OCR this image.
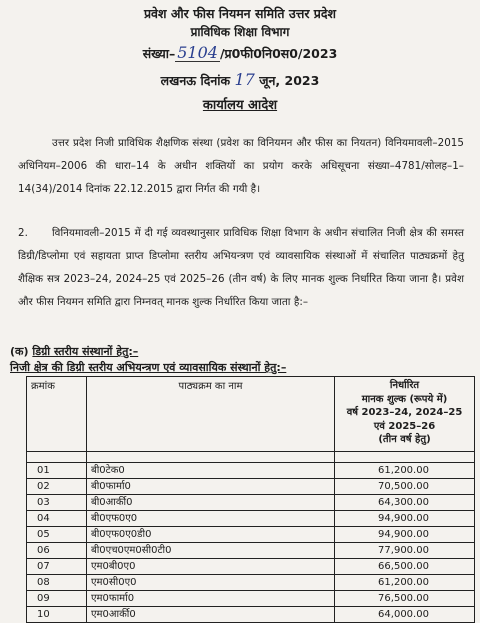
प्रवेश और फीस नियमन समिति उत्तर प्रदेश
प्राविधिक शिक्षा विभाग
संख्या– 5104 /प्र0फी0नि0स0/2023
लखनऊ दिनांक 17 जून, 2023
कार्यालय आदेश
उत्तर प्रदेश निजी प्राविधिक शैक्षणिक संस्था (प्रवेश का विनियमन और फीस का नियतन) विनियमावली–2015 अधिनियम–2006 की धारा–14 के अधीन शक्तियों का प्रयोग करके अधिसूचना संख्या–4781/सोलह–1–14(34)/2014 दिनांक 22.12.2015 द्वारा निर्गत की गयी है।
2. विनियमावली–2015 में दी गई व्यवस्थानुसार प्राविधिक शिक्षा विभाग के अधीन संचालित निजी क्षेत्र की समस्त डिग्री/डिप्लोमा एवं सहायता प्राप्त डिप्लोमा स्तरीय अभियन्त्रण एवं व्यावसायिक संस्थाओं में संचालित पाठ्यक्रमों हेतु शैक्षिक सत्र 2023–24, 2024–25 एवं 2025–26 (तीन वर्ष) के लिए मानक शुल्क निर्धारित किया जाना है। प्रवेश और फीस नियमन समिति द्वारा निम्नवत् मानक शुल्क निर्धारित किया जाता है:–
(क) डिग्री स्तरीय संस्थानों हेतु:–
निजी क्षेत्र की डिग्री स्तरीय अभियन्त्रण एवं व्यावसायिक संस्थानों हेतु:–
क्रमांक	पाठ्यक्रम का नाम	निर्धारित
मानक शुल्क (रूपये में)
वर्ष 2023–24, 2024–25
एवं 2025–26
(तीन वर्ष हेतु)

01	बी0टेक0	61,200.00
02	बी0फार्मा0	70,500.00
03	बी0आर्की0	64,300.00
04	बी0एफ0ए0	94,900.00
05	बी0एफ0ए0डी0	94,900.00
06	बी0एच0एम0सी0टी0	77,900.00
07	एम0बी0ए0	66,500.00
08	एम0सी0ए0	61,200.00
09	एम0फार्मा0	76,500.00
10	एम0आर्की0	64,000.00
